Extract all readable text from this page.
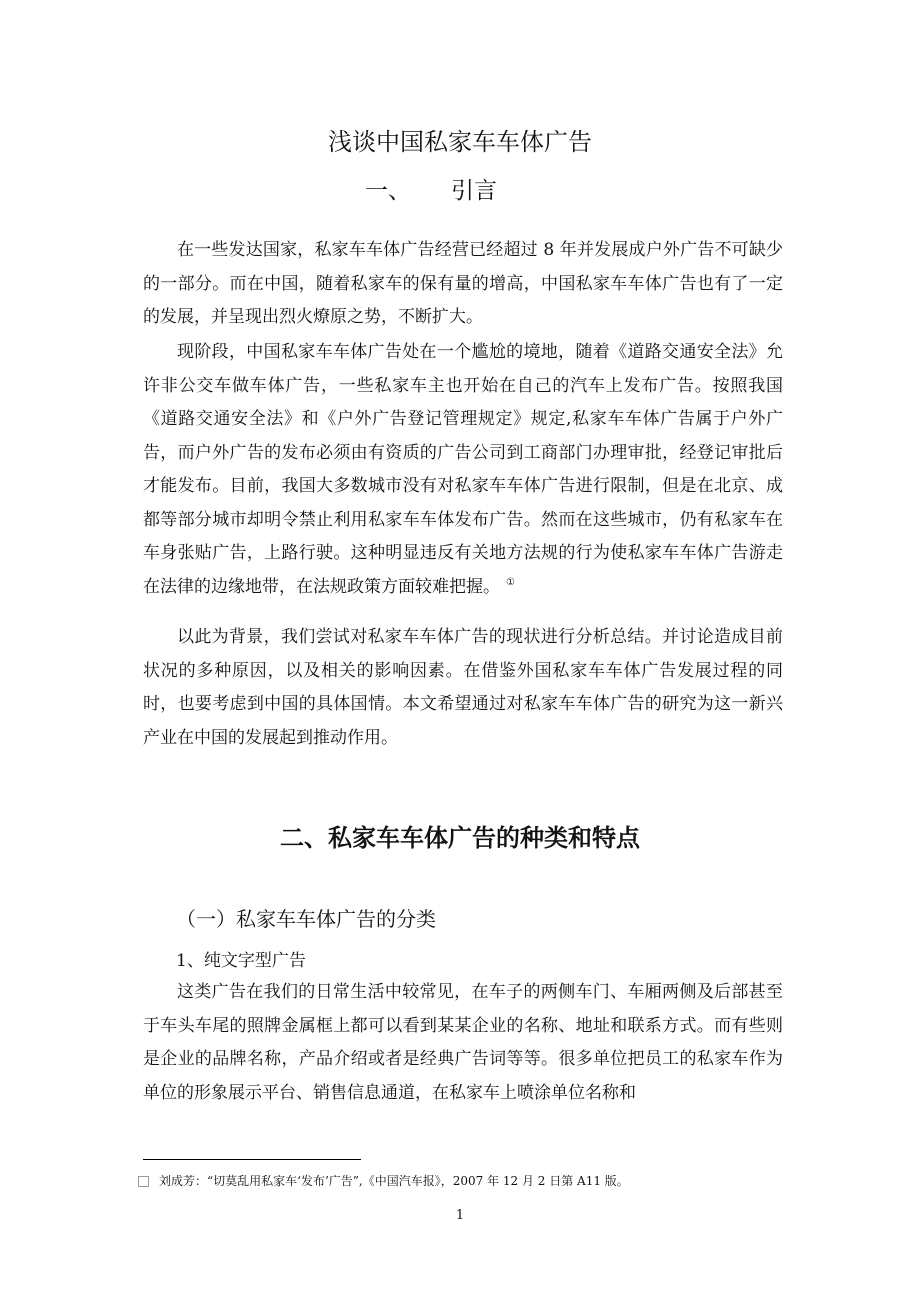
浅谈中国私家车车体广告
一、 引言

在一些发达国家，私家车车体广告经营已经超过 8 年并发展成户外广告不可缺少的一部分。而在中国，随着私家车的保有量的增高，中国私家车车体广告也有了一定的发展，并呈现出烈火燎原之势，不断扩大。

现阶段，中国私家车车体广告处在一个尴尬的境地，随着《道路交通安全法》允许非公交车做车体广告，一些私家车主也开始在自己的汽车上发布广告。按照我国《道路交通安全法》和《户外广告登记管理规定》规定,私家车车体广告属于户外广告，而户外广告的发布必须由有资质的广告公司到工商部门办理审批，经登记审批后才能发布。目前，我国大多数城市没有对私家车车体广告进行限制，但是在北京、成都等部分城市却明令禁止利用私家车车体发布广告。然而在这些城市，仍有私家车在车身张贴广告，上路行驶。这种明显违反有关地方法规的行为使私家车车体广告游走在法律的边缘地带，在法规政策方面较难把握。 ①

以此为背景，我们尝试对私家车车体广告的现状进行分析总结。并讨论造成目前状况的多种原因，以及相关的影响因素。在借鉴外国私家车车体广告发展过程的同时，也要考虑到中国的具体国情。本文希望通过对私家车车体广告的研究为这一新兴产业在中国的发展起到推动作用。

二、私家车车体广告的种类和特点
（一）私家车车体广告的分类
1、纯文字型广告

这类广告在我们的日常生活中较常见，在车子的两侧车门、车厢两侧及后部甚至于车头车尾的照牌金属框上都可以看到某某企业的名称、地址和联系方式。而有些则是企业的品牌名称，产品介绍或者是经典广告词等等。很多单位把员工的私家车作为单位的形象展示平台、销售信息通道，在私家车上喷涂单位名称和

刘成芳：“切莫乱用私家车‘发布’广告”,《中国汽车报》，2007 年 12 月 2 日第 A11 版。
1
